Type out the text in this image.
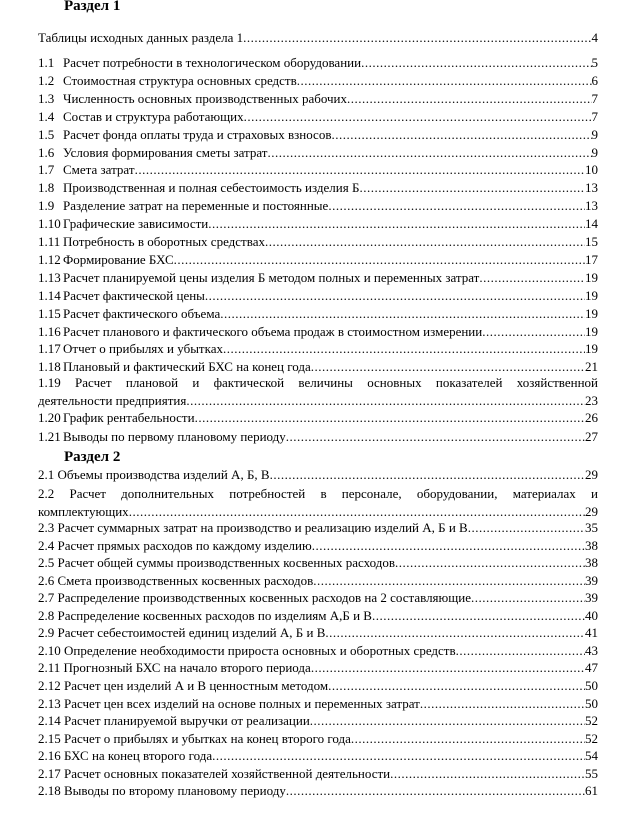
Раздел 1
Таблицы исходных данных раздела 1 .....	4
1.1 Расчет потребности в технологическом оборудовании .....	5
1.2 Стоимостная структура основных средств .....	6
1.3 Численность основных производственных рабочих .....	7
1.4 Состав и структура работающих .....	7
1.5 Расчет фонда оплаты труда и страховых взносов .....	9
1.6 Условия формирования сметы затрат .....	9
1.7 Смета затрат .....	10
1.8 Производственная и полная себестоимость изделия Б .....	13
1.9 Разделение затрат на переменные и постоянные .....	13
1.10 Графические зависимости .....	14
1.11 Потребность в оборотных средствах .....	15
1.12 Формирование БХС .....	17
1.13 Расчет планируемой цены изделия Б методом полных и переменных затрат .....	19
1.14 Расчет фактической цены .....	19
1.15 Расчет фактического объема .....	19
1.16 Расчет планового и фактического объема продаж в стоимостном измерении .....	19
1.17 Отчет о прибылях и убытках .....	19
1.18 Плановый и фактический БХС на конец года .....	21
1.19 Расчет плановой и фактической величины основных показателей хозяйственной
деятельности предприятия .....	23
1.20 График рентабельности .....	26
1.21 Выводы по первому плановому периоду .....	27
Раздел 2
2.1 Объемы производства изделий А, Б, В .....	29
2.2 Расчет дополнительных потребностей в персонале, оборудовании, материалах и
комплектующих .....	29
2.3 Расчет суммарных затрат на производство и реализацию изделий А, Б и В .....	35
2.4 Расчет прямых расходов по каждому изделию .....	38
2.5 Расчет общей суммы производственных косвенных расходов .....	38
2.6 Смета производственных косвенных расходов .....	39
2.7 Распределение производственных косвенных расходов на 2 составляющие .....	39
2.8 Распределение косвенных расходов по изделиям А,Б и В .....	40
2.9 Расчет себестоимостей единиц изделий А, Б и В .....	41
2.10 Определение необходимости прироста основных и оборотных средств .....	43
2.11 Прогнозный БХС на начало второго периода .....	47
2.12 Расчет цен изделий А и В ценностным методом .....	50
2.13 Расчет цен всех изделий на основе полных и переменных затрат .....	50
2.14 Расчет планируемой выручки от реализации .....	52
2.15 Расчет о прибылях и убытках на конец второго года .....	52
2.16 БХС на конец второго года .....	54
2.17 Расчет основных показателей хозяйственной деятельности .....	55
2.18 Выводы по второму плановому периоду .....	61
